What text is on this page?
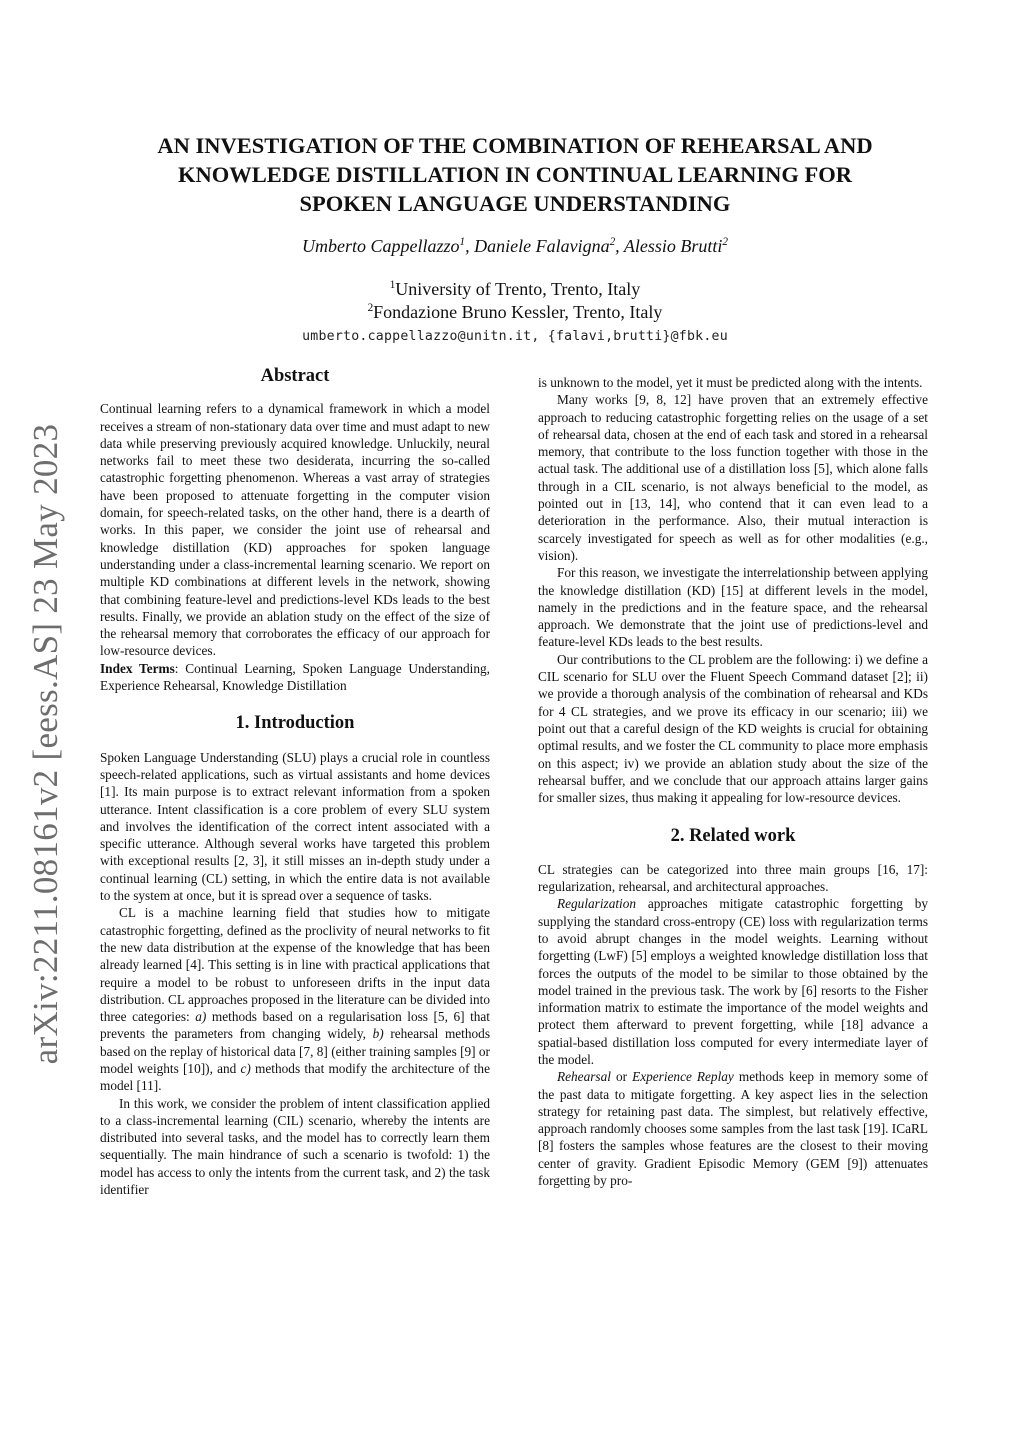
arXiv:2211.08161v2 [eess.AS] 23 May 2023
AN INVESTIGATION OF THE COMBINATION OF REHEARSAL AND
KNOWLEDGE DISTILLATION IN CONTINUAL LEARNING FOR
SPOKEN LANGUAGE UNDERSTANDING
Umberto Cappellazzo$^1$, Daniele Falavigna$^2$, Alessio Brutti$^2$
$^1$University of Trento, Trento, Italy
$^2$Fondazione Bruno Kessler, Trento, Italy
umberto.cappellazzo@unitn.it, {falavi,brutti}@fbk.eu
Abstract

Continual learning refers to a dynamical framework in which a model receives a stream of non-stationary data over time and must adapt to new data while preserving previously acquired knowledge. Unluckily, neural networks fail to meet these two desiderata, incurring the so-called catastrophic forgetting phenomenon. Whereas a vast array of strategies have been proposed to attenuate forgetting in the computer vision domain, for speech-related tasks, on the other hand, there is a dearth of works. In this paper, we consider the joint use of rehearsal and knowledge distillation (KD) approaches for spoken language understanding under a class-incremental learning scenario. We report on multiple KD combinations at different levels in the network, showing that combining feature-level and predictions-level KDs leads to the best results. Finally, we provide an ablation study on the effect of the size of the rehearsal memory that corroborates the efficacy of our approach for low-resource devices.

Index Terms: Continual Learning, Spoken Language Understanding, Experience Rehearsal, Knowledge Distillation

1. Introduction

Spoken Language Understanding (SLU) plays a crucial role in countless speech-related applications, such as virtual assistants and home devices [1]. Its main purpose is to extract relevant information from a spoken utterance. Intent classification is a core problem of every SLU system and involves the identification of the correct intent associated with a specific utterance. Although several works have targeted this problem with exceptional results [2, 3], it still misses an in-depth study under a continual learning (CL) setting, in which the entire data is not available to the system at once, but it is spread over a sequence of tasks.

CL is a machine learning field that studies how to mitigate catastrophic forgetting, defined as the proclivity of neural networks to fit the new data distribution at the expense of the knowledge that has been already learned [4]. This setting is in line with practical applications that require a model to be robust to unforeseen drifts in the input data distribution. CL approaches proposed in the literature can be divided into three categories: a) methods based on a regularisation loss [5, 6] that prevents the parameters from changing widely, b) rehearsal methods based on the replay of historical data [7, 8] (either training samples [9] or model weights [10]), and c) methods that modify the architecture of the model [11].

In this work, we consider the problem of intent classification applied to a class-incremental learning (CIL) scenario, whereby the intents are distributed into several tasks, and the model has to correctly learn them sequentially. The main hindrance of such a scenario is twofold: 1) the model has access to only the intents from the current task, and 2) the task identifier

is unknown to the model, yet it must be predicted along with the intents.

Many works [9, 8, 12] have proven that an extremely effective approach to reducing catastrophic forgetting relies on the usage of a set of rehearsal data, chosen at the end of each task and stored in a rehearsal memory, that contribute to the loss function together with those in the actual task. The additional use of a distillation loss [5], which alone falls through in a CIL scenario, is not always beneficial to the model, as pointed out in [13, 14], who contend that it can even lead to a deterioration in the performance. Also, their mutual interaction is scarcely investigated for speech as well as for other modalities (e.g., vision).

For this reason, we investigate the interrelationship between applying the knowledge distillation (KD) [15] at different levels in the model, namely in the predictions and in the feature space, and the rehearsal approach. We demonstrate that the joint use of predictions-level and feature-level KDs leads to the best results.

Our contributions to the CL problem are the following: i) we define a CIL scenario for SLU over the Fluent Speech Command dataset [2]; ii) we provide a thorough analysis of the combination of rehearsal and KDs for 4 CL strategies, and we prove its efficacy in our scenario; iii) we point out that a careful design of the KD weights is crucial for obtaining optimal results, and we foster the CL community to place more emphasis on this aspect; iv) we provide an ablation study about the size of the rehearsal buffer, and we conclude that our approach attains larger gains for smaller sizes, thus making it appealing for low-resource devices.

2. Related work

CL strategies can be categorized into three main groups [16, 17]: regularization, rehearsal, and architectural approaches.

Regularization approaches mitigate catastrophic forgetting by supplying the standard cross-entropy (CE) loss with regularization terms to avoid abrupt changes in the model weights. Learning without forgetting (LwF) [5] employs a weighted knowledge distillation loss that forces the outputs of the model to be similar to those obtained by the model trained in the previous task. The work by [6] resorts to the Fisher information matrix to estimate the importance of the model weights and protect them afterward to prevent forgetting, while [18] advance a spatial-based distillation loss computed for every intermediate layer of the model.

Rehearsal or Experience Replay methods keep in memory some of the past data to mitigate forgetting. A key aspect lies in the selection strategy for retaining past data. The simplest, but relatively effective, approach randomly chooses some samples from the last task [19]. ICaRL [8] fosters the samples whose features are the closest to their moving center of gravity. Gradient Episodic Memory (GEM [9]) attenuates forgetting by pro-
